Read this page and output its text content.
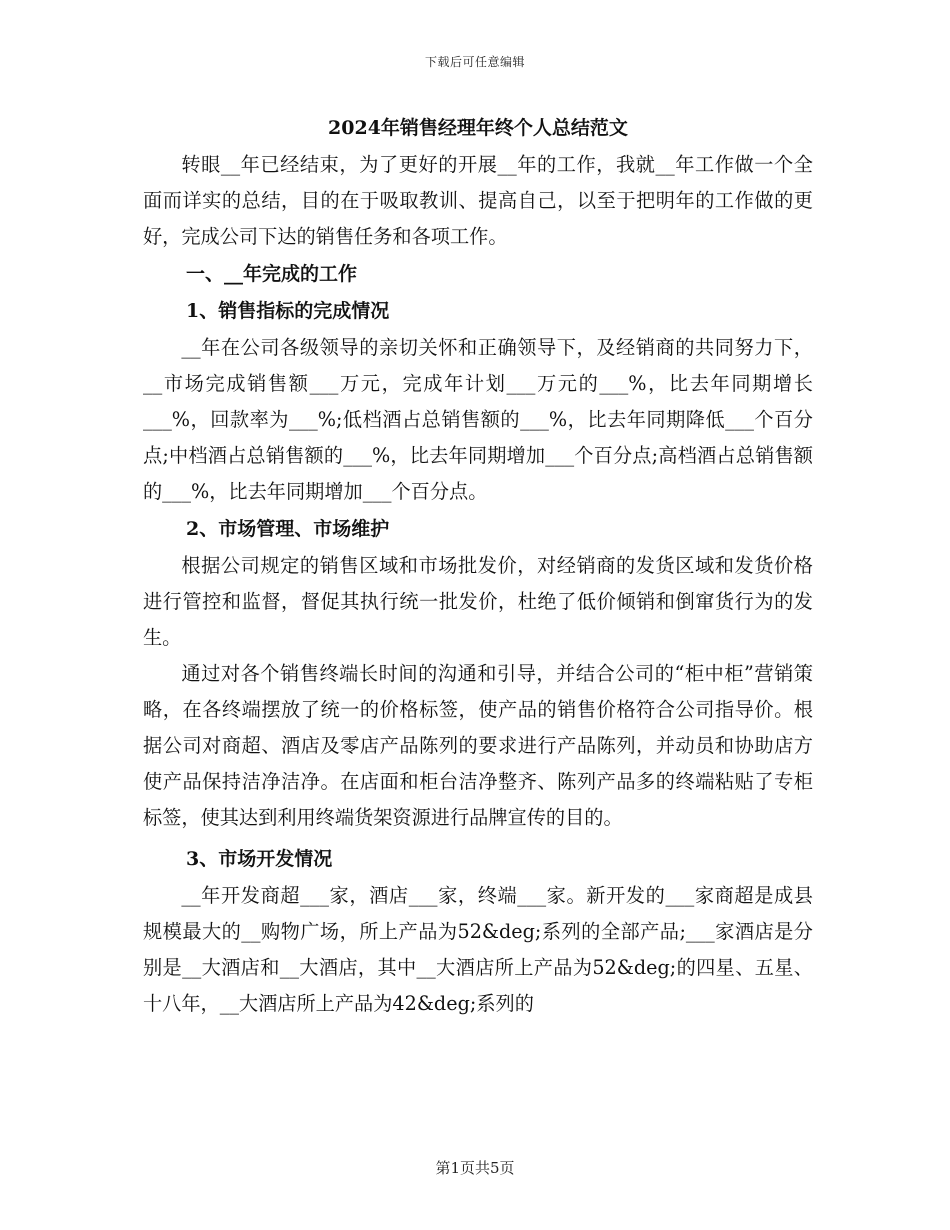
下载后可任意编辑
2024年销售经理年终个人总结范文

转眼__年已经结束，为了更好的开展__年的工作，我就__年工作做一个全面而详实的总结，目的在于吸取教训、提高自己，以至于把明年的工作做的更好，完成公司下达的销售任务和各项工作。

一、__年完成的工作
1、销售指标的完成情况

__年在公司各级领导的亲切关怀和正确领导下，及经销商的共同努力下，__市场完成销售额___万元，完成年计划___万元的___%，比去年同期增长___%，回款率为___%;低档酒占总销售额的___%，比去年同期降低___个百分点;中档酒占总销售额的___%，比去年同期增加___个百分点;高档酒占总销售额的___%，比去年同期增加___个百分点。

2、市场管理、市场维护

根据公司规定的销售区域和市场批发价，对经销商的发货区域和发货价格进行管控和监督，督促其执行统一批发价，杜绝了低价倾销和倒窜货行为的发生。

通过对各个销售终端长时间的沟通和引导，并结合公司的“柜中柜”营销策略，在各终端摆放了统一的价格标签，使产品的销售价格符合公司指导价。根据公司对商超、酒店及零店产品陈列的要求进行产品陈列，并动员和协助店方使产品保持洁净洁净。在店面和柜台洁净整齐、陈列产品多的终端粘贴了专柜标签，使其达到利用终端货架资源进行品牌宣传的目的。

3、市场开发情况

__年开发商超___家，酒店___家，终端___家。新开发的___家商超是成县规模最大的__购物广场，所上产品为52&deg;系列的全部产品;___家酒店是分别是__大酒店和__大酒店，其中__大酒店所上产品为52&deg;的四星、五星、十八年，__大酒店所上产品为42&deg;系列的

第1页共5页
